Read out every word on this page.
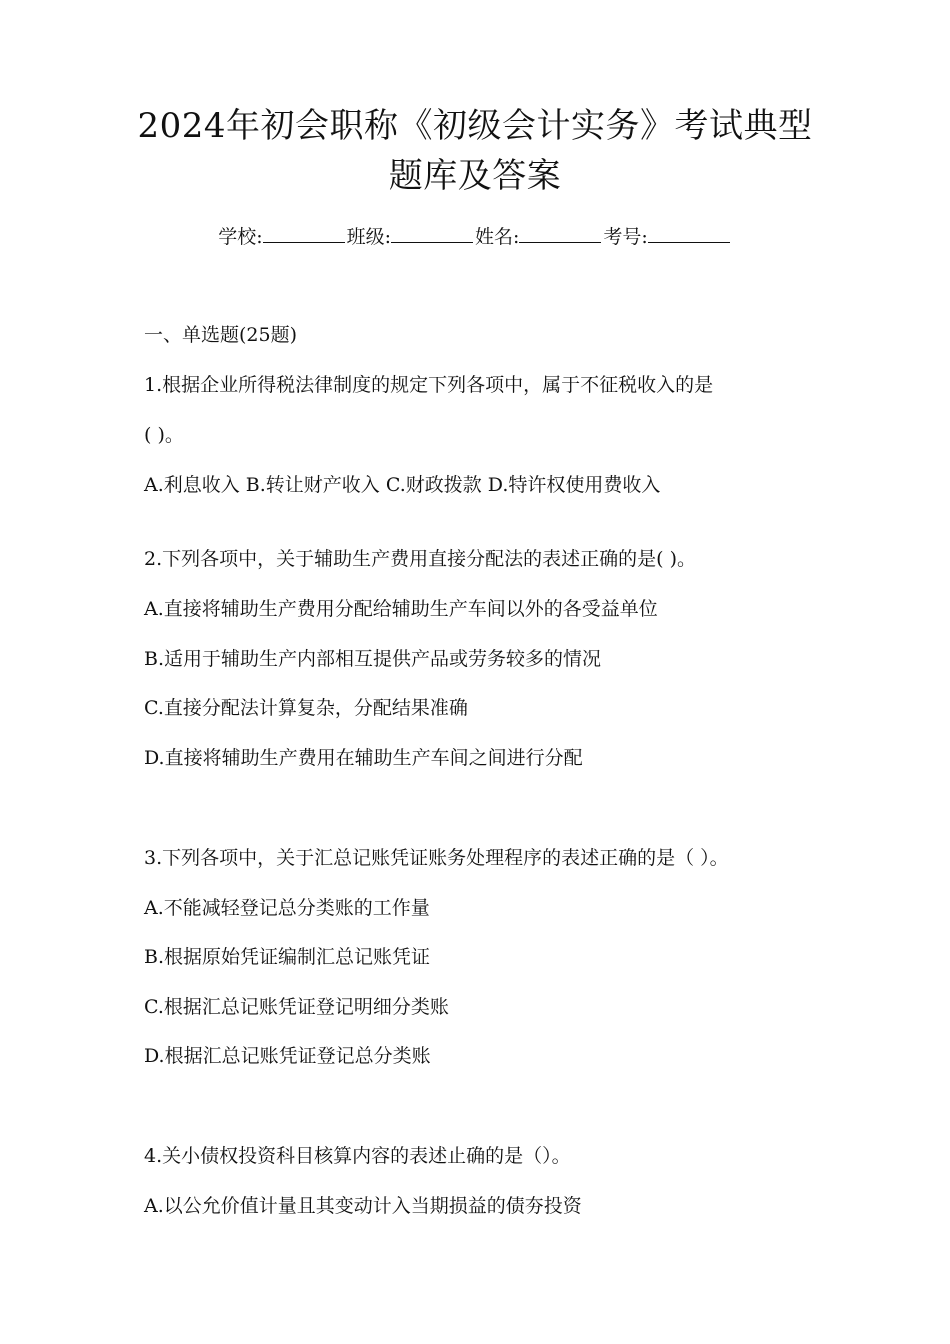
2024年初会职称《初级会计实务》考试典型
题库及答案
学校:	班级:	姓名:	考号:
一、单选题(25题)
1.根据企业所得税法律制度的规定下列各项中，属于不征税收入的是
( )。
A.利息收入 B.转让财产收入 C.财政拨款 D.特许权使用费收入
2.下列各项中，关于辅助生产费用直接分配法的表述正确的是( )。
A.直接将辅助生产费用分配给辅助生产车间以外的各受益单位
B.适用于辅助生产内部相互提供产品或劳务较多的情况
C.直接分配法计算复杂，分配结果准确
D.直接将辅助生产费用在辅助生产车间之间进行分配
3.下列各项中，关于汇总记账凭证账务处理程序的表述正确的是（ ）。
A.不能减轻登记总分类账的工作量
B.根据原始凭证编制汇总记账凭证
C.根据汇总记账凭证登记明细分类账
D.根据汇总记账凭证登记总分类账
4.关小债权投资科目核算内容的表述止确的是（）。
A.以公允价值计量且其变动计入当期损益的债夯投资
